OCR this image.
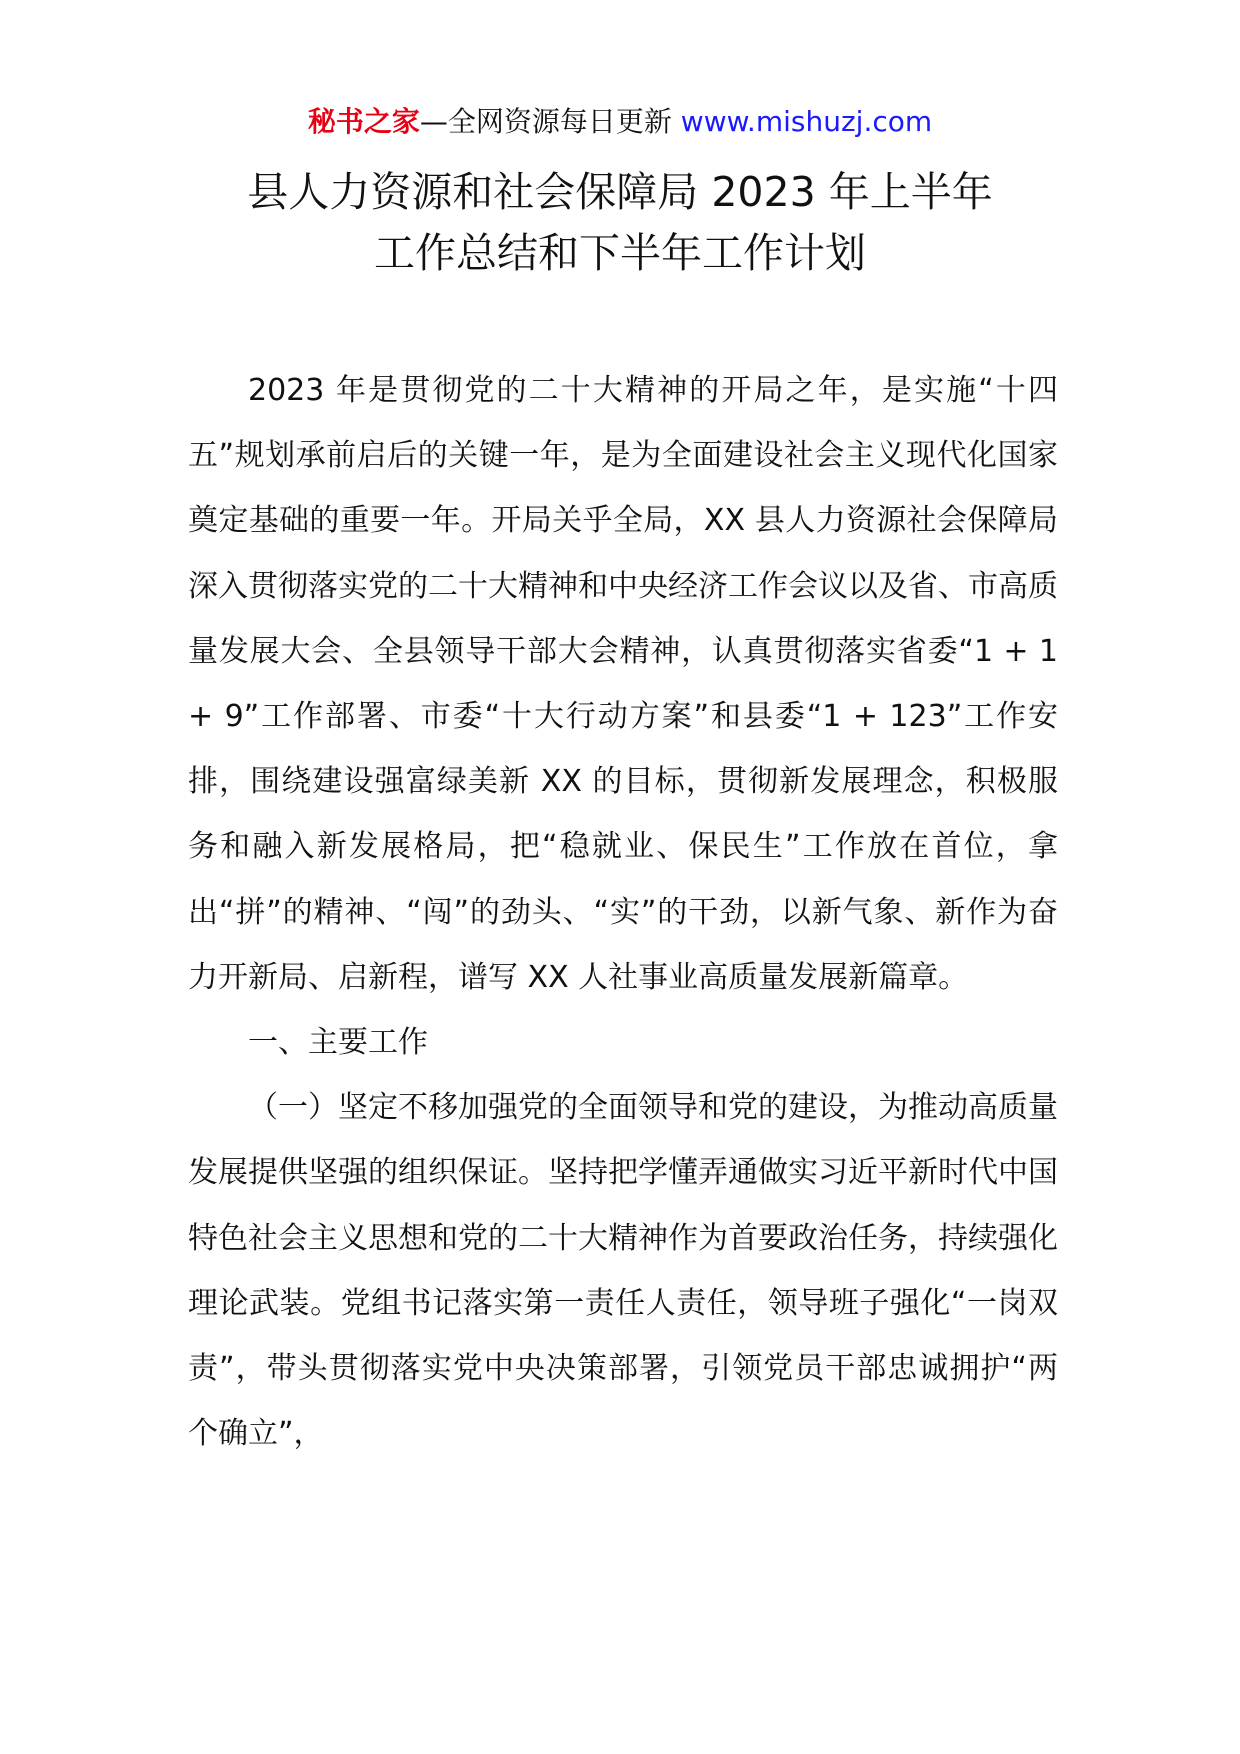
秘书之家—全网资源每日更新 www.mishuzj.com
县人力资源和社会保障局 2023 年上半年
工作总结和下半年工作计划

2023 年是贯彻党的二十大精神的开局之年，是实施“十四五”规划承前启后的关键一年，是为全面建设社会主义现代化国家奠定基础的重要一年。开局关乎全局，XX 县人力资源社会保障局深入贯彻落实党的二十大精神和中央经济工作会议以及省、市高质量发展大会、全县领导干部大会精神，认真贯彻落实省委“1 + 1 + 9”工作部署、市委“十大行动方案”和县委“1 + 123”工作安排，围绕建设强富绿美新 XX 的目标，贯彻新发展理念，积极服务和融入新发展格局，把“稳就业、保民生”工作放在首位，拿出“拼”的精神、“闯”的劲头、“实”的干劲，以新气象、新作为奋力开新局、启新程，谱写 XX 人社事业高质量发展新篇章。

一、主要工作

（一）坚定不移加强党的全面领导和党的建设，为推动高质量发展提供坚强的组织保证。坚持把学懂弄通做实习近平新时代中国特色社会主义思想和党的二十大精神作为首要政治任务，持续强化理论武装。党组书记落实第一责任人责任，领导班子强化“一岗双责”，带头贯彻落实党中央决策部署，引领党员干部忠诚拥护“两个确立”，
